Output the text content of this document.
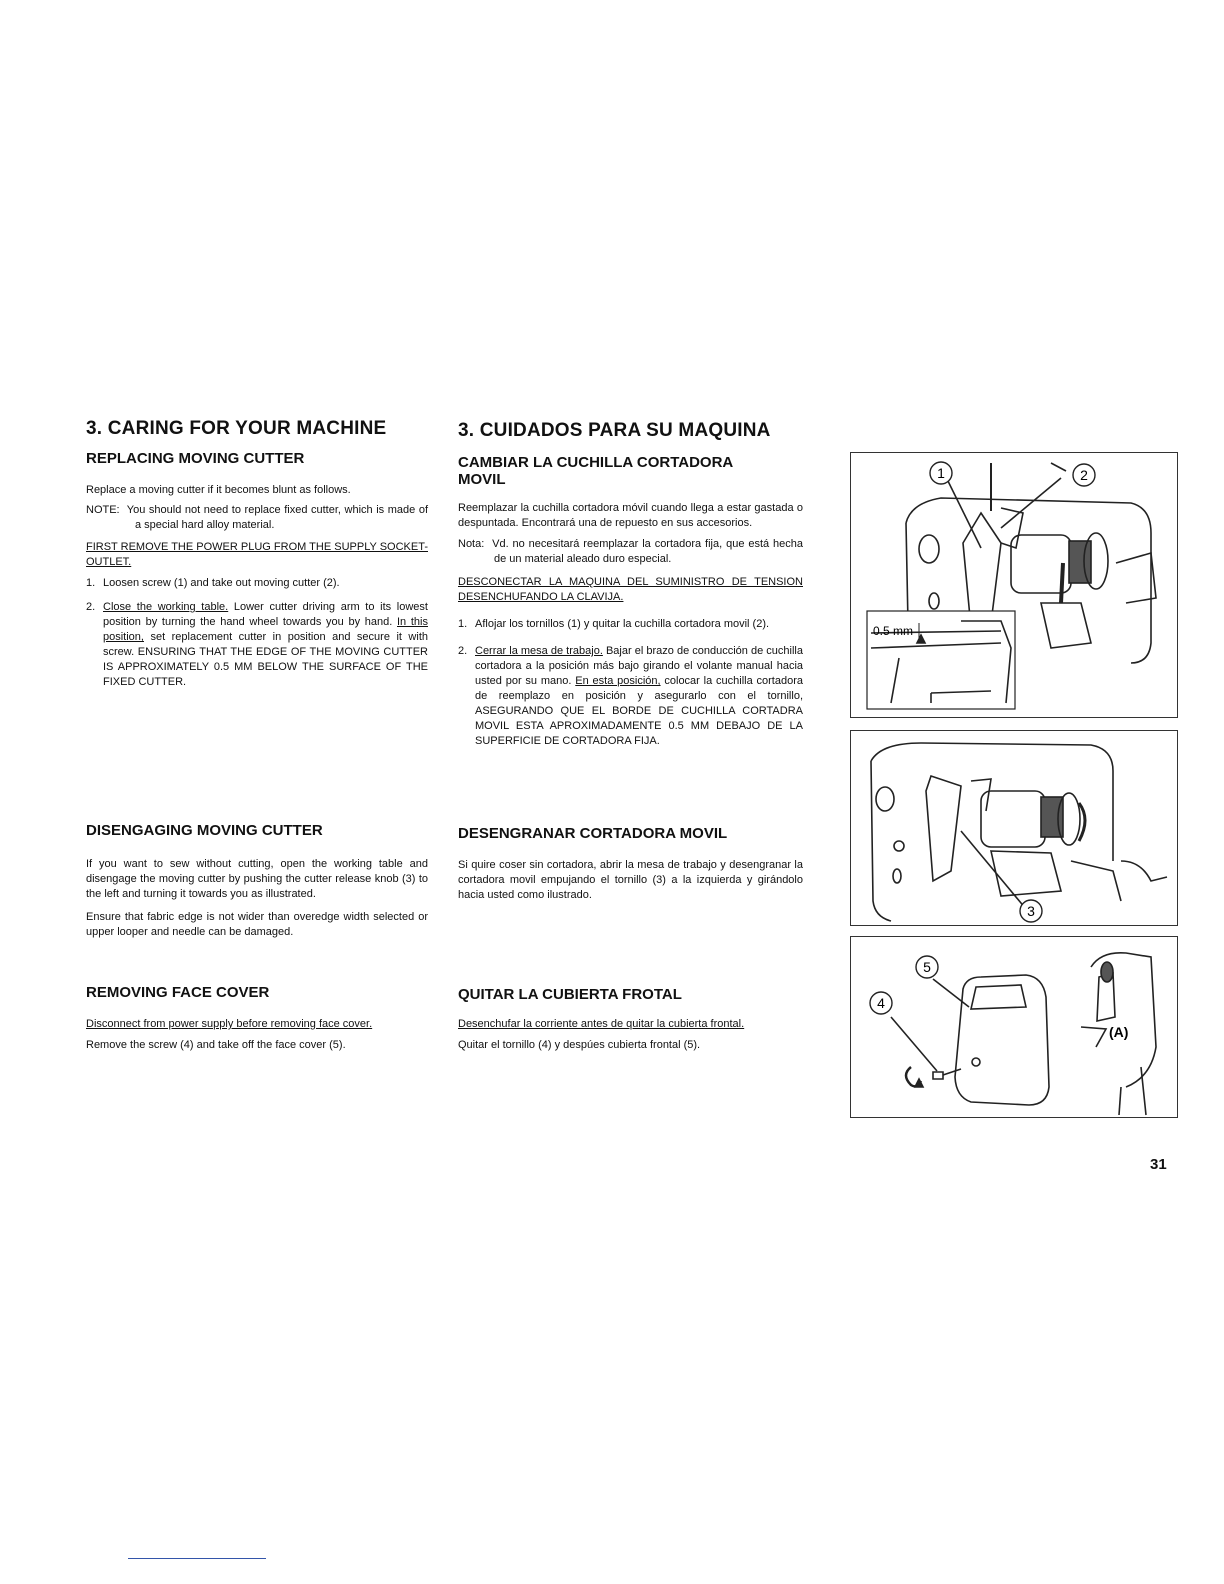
3. CARING FOR YOUR MACHINE
REPLACING MOVING CUTTER

Replace a moving cutter if it becomes blunt as follows.

NOTE: You should not need to replace fixed cutter, which is made of a special hard alloy material.

FIRST REMOVE THE POWER PLUG FROM THE SUPPLY SOCKET-OUTLET.

1. Loosen screw (1) and take out moving cutter (2).

2. Close the working table. Lower cutter driving arm to its lowest position by turning the hand wheel towards you by hand. In this position, set replacement cutter in position and secure it with screw. ENSURING THAT THE EDGE OF THE MOVING CUTTER IS APPROXIMATELY 0.5 MM BELOW THE SURFACE OF THE FIXED CUTTER.

DISENGAGING MOVING CUTTER

If you want to sew without cutting, open the working table and disengage the moving cutter by pushing the cutter release knob (3) to the left and turning it towards you as illustrated.

Ensure that fabric edge is not wider than overedge width selected or upper looper and needle can be damaged.

REMOVING FACE COVER

Disconnect from power supply before removing face cover.

Remove the screw (4) and take off the face cover (5).

3. CUIDADOS PARA SU MAQUINA
CAMBIAR LA CUCHILLA CORTADORA MOVIL

Reemplazar la cuchilla cortadora móvil cuando llega a estar gastada o despuntada. Encontrará una de repuesto en sus accesorios.

Nota: Vd. no necesitará reemplazar la cortadora fija, que está hecha de un material aleado duro especial.

DESCONECTAR LA MAQUINA DEL SUMINISTRO DE TENSION DESENCHUFANDO LA CLAVIJA.

1. Aflojar los tornillos (1) y quitar la cuchilla cortadora movil (2).

2. Cerrar la mesa de trabajo. Bajar el brazo de conducción de cuchilla cortadora a la posición más bajo girando el volante manual hacia usted por su mano. En esta posición, colocar la cuchilla cortadora de reemplazo en posición y asegurarlo con el tornillo, ASEGURANDO QUE EL BORDE DE CUCHILLA CORTADRA MOVIL ESTA APROXIMADAMENTE 0.5 MM DEBAJO DE LA SUPERFICIE DE CORTADORA FIJA.

DESENGRANAR CORTADORA MOVIL

Si quire coser sin cortadora, abrir la mesa de trabajo y desengranar la cortadora movil empujando el tornillo (3) a la izquierda y girándolo hacia usted como ilustrado.

QUITAR LA CUBIERTA FROTAL

Desenchufar la corriente antes de quitar la cubierta frontal.

Quitar el tornillo (4) y despúes cubierta frontal (5).

1	2
0.5 mm
3
4
5
(A)
31
